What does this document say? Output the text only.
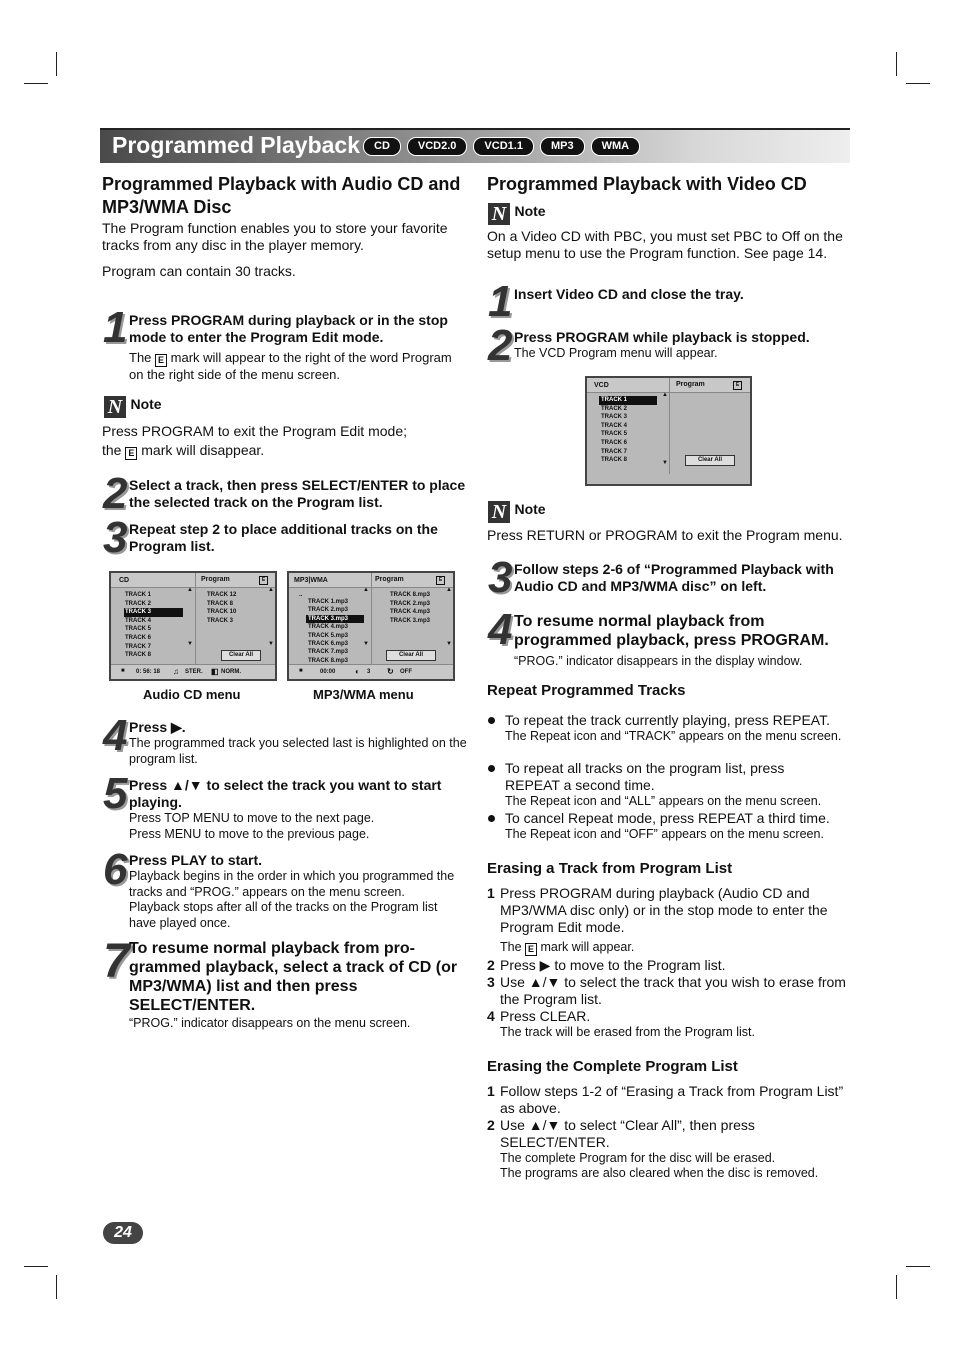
Programmed Playback	CD	VCD2.0	VCD1.1	MP3	WMA
Programmed Playback with Audio CD and MP3/WMA Disc
The Program function enables you to store your favorite tracks from any disc in the player memory.
Program can contain 30 tracks.
1 Press PROGRAM during playback or in the stop mode to enter the Program Edit mode.
The E mark will appear to the right of the word Program on the right side of the menu screen.
N Note
Press PROGRAM to exit the Program Edit mode;
the E mark will disappear.
2 Select a track, then press SELECT/ENTER to place the selected track on the Program list.
3 Repeat step 2 to place additional tracks on the Program list.
CD	Program	E
TRACK 1
TRACK 2
TRACK 3
TRACK 4
TRACK 5
TRACK 6
TRACK 7
TRACK 8
▲
▼
TRACK 12
TRACK 8
TRACK 10
TRACK 3
▲
▼
Clear All
■ 0: 56: 18 ♫ STER. ◧ NORM.
Audio CD menu
MP3|WMA	Program	E
..
TRACK 1.mp3
TRACK 2.mp3
TRACK 3.mp3
TRACK 4.mp3
TRACK 5.mp3
TRACK 6.mp3
TRACK 7.mp3
TRACK 8.mp3
▲
▼
TRACK 8.mp3
TRACK 2.mp3
TRACK 4.mp3
TRACK 3.mp3
▲
▼
Clear All
■	00:00 ◐ 3 ↻ OFF
MP3/WMA menu
4 Press ▶.
The programmed track you selected last is highlighted on the program list.
5 Press ▲/▼ to select the track you want to start playing.
Press TOP MENU to move to the next page.
Press MENU to move to the previous page.
6 Press PLAY to start.
Playback begins in the order in which you programmed the tracks and “PROG.” appears on the menu screen. Playback stops after all of the tracks on the Program list have played once.
7 To resume normal playback from pro-grammed playback, select a track of CD (or MP3/WMA) list and then press SELECT/ENTER.
“PROG.” indicator disappears on the menu screen.
Programmed Playback with Video CD
N Note
On a Video CD with PBC, you must set PBC to Off on the setup menu to use the Program function. See page 14.
1 Insert Video CD and close the tray.
2 Press PROGRAM while playback is stopped.
The VCD Program menu will appear.
VCD	Program	E
TRACK 1
TRACK 2
TRACK 3
TRACK 4
TRACK 5
TRACK 6
TRACK 7
TRACK 8
▲
▼	Clear All
N Note
Press RETURN or PROGRAM to exit the Program menu.
3 Follow steps 2-6 of “Programmed Playback with Audio CD and MP3/WMA disc” on left.
4 To resume normal playback from programmed playback, press PROGRAM.
“PROG.” indicator disappears in the display window.
Repeat Programmed Tracks
To repeat the track currently playing, press REPEAT.
The Repeat icon and “TRACK” appears on the menu screen.
To repeat all tracks on the program list, press REPEAT a second time.
The Repeat icon and “ALL” appears on the menu screen.
To cancel Repeat mode, press REPEAT a third time.
The Repeat icon and “OFF” appears on the menu screen.
Erasing a Track from Program List
1 Press PROGRAM during playback (Audio CD and MP3/WMA disc only) or in the stop mode to enter the Program Edit mode.
The E mark will appear.
2 Press ▶ to move to the Program list.
3 Use ▲/▼ to select the track that you wish to erase from the Program list.
4 Press CLEAR.
The track will be erased from the Program list.
Erasing the Complete Program List
1 Follow steps 1-2 of “Erasing a Track from Program List” as above.
2 Use ▲/▼ to select “Clear All”, then press SELECT/ENTER.
The complete Program for the disc will be erased.
The programs are also cleared when the disc is removed.
24
